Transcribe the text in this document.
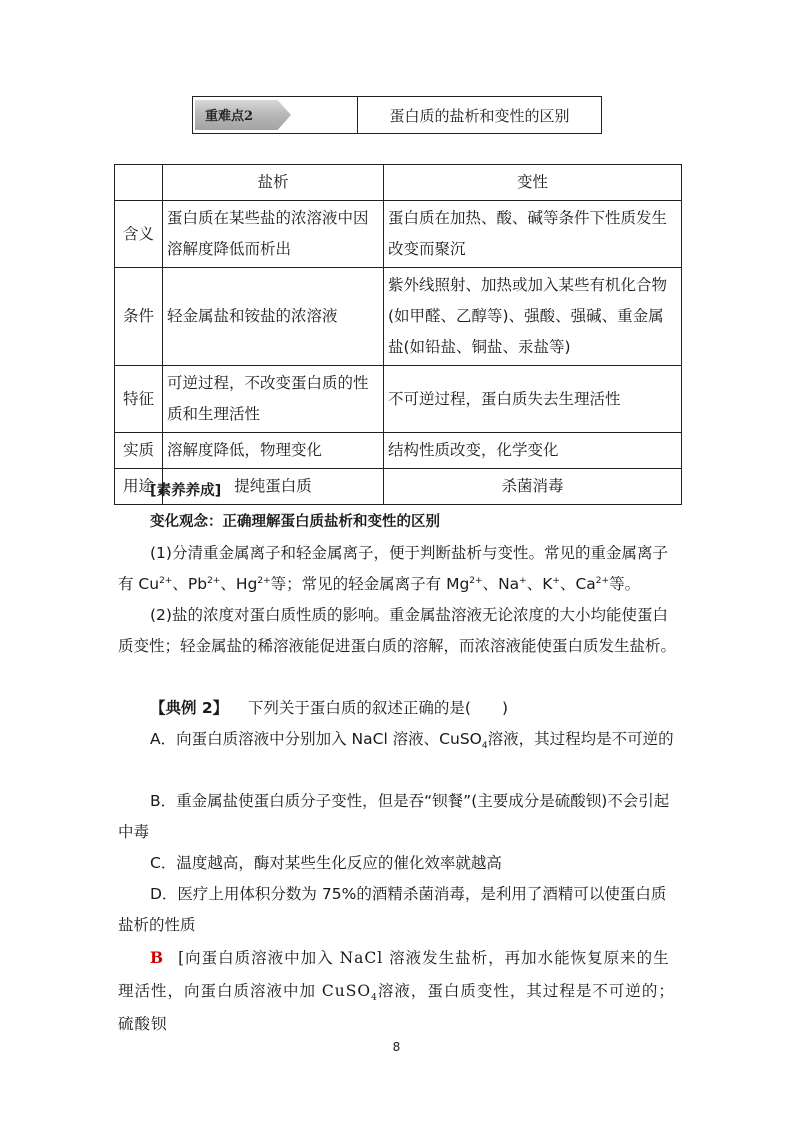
重难点2	蛋白质的盐析和变性的区别
	盐析	变性
含义	蛋白质在某些盐的浓溶液中因溶解度降低而析出	蛋白质在加热、酸、碱等条件下性质发生改变而聚沉
条件	轻金属盐和铵盐的浓溶液	紫外线照射、加热或加入某些有机化合物(如甲醛、乙醇等)、强酸、强碱、重金属盐(如铅盐、铜盐、汞盐等)
特征	可逆过程，不改变蛋白质的性质和生理活性	不可逆过程，蛋白质失去生理活性
实质	溶解度降低，物理变化	结构性质改变，化学变化
用途	提纯蛋白质	杀菌消毒
[素养养成]
变化观念：正确理解蛋白质盐析和变性的区别
(1)分清重金属离子和轻金属离子，便于判断盐析与变性。常见的重金属离子有 $Cu^{2+}$、$Pb^{2+}$、$Hg^{2+}$等；常见的轻金属离子有 $Mg^{2+}$、Na+、K+、$Ca^{2+}$等。
(2)盐的浓度对蛋白质性质的影响。重金属盐溶液无论浓度的大小均能使蛋白质变性；轻金属盐的稀溶液能促进蛋白质的溶解，而浓溶液能使蛋白质发生盐析。
【典例 2】 下列关于蛋白质的叙述正确的是(　　)
A．向蛋白质溶液中分别加入 NaCl 溶液、CuSO$_4$溶液，其过程均是不可逆的
B．重金属盐使蛋白质分子变性，但是吞“钡餐”(主要成分是硫酸钡)不会引起中毒
C．温度越高，酶对某些生化反应的催化效率就越高
D．医疗上用体积分数为 75%的酒精杀菌消毒，是利用了酒精可以使蛋白质盐析的性质
B [向蛋白质溶液中加入 NaCl 溶液发生盐析，再加水能恢复原来的生理活性，向蛋白质溶液中加 CuSO$_4$溶液，蛋白质变性，其过程是不可逆的；硫酸钡
8
